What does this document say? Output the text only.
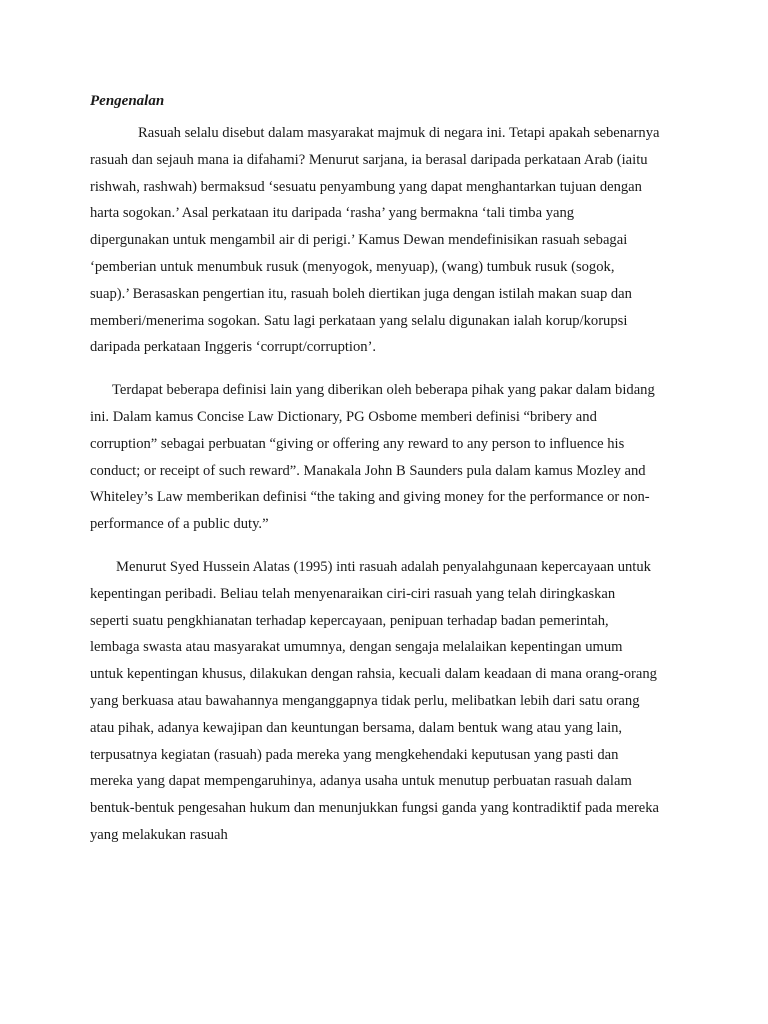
Pengenalan
Rasuah selalu disebut dalam masyarakat majmuk di negara ini. Tetapi apakah sebenarnya
rasuah dan sejauh mana ia difahami? Menurut sarjana, ia berasal daripada perkataan Arab (iaitu
rishwah, rashwah) bermaksud ‘sesuatu penyambung yang dapat menghantarkan tujuan dengan
harta sogokan.’ Asal perkataan itu daripada ‘rasha’ yang bermakna ‘tali timba yang
dipergunakan untuk mengambil air di perigi.’ Kamus Dewan mendefinisikan rasuah sebagai
‘pemberian untuk menumbuk rusuk (menyogok, menyuap), (wang) tumbuk rusuk (sogok,
suap).’ Berasaskan pengertian itu, rasuah boleh diertikan juga dengan istilah makan suap dan
memberi/menerima sogokan. Satu lagi perkataan yang selalu digunakan ialah korup/korupsi
daripada perkataan Inggeris ‘corrupt/corruption’.
Terdapat beberapa definisi lain yang diberikan oleh beberapa pihak yang pakar dalam bidang
ini. Dalam kamus Concise Law Dictionary, PG Osbome memberi definisi “bribery and
corruption” sebagai perbuatan “giving or offering any reward to any person to influence his
conduct; or receipt of such reward”. Manakala John B Saunders pula dalam kamus Mozley and
Whiteley’s Law memberikan definisi “the taking and giving money for the performance or non-
performance of a public duty.”
Menurut Syed Hussein Alatas (1995) inti rasuah adalah penyalahgunaan kepercayaan untuk
kepentingan peribadi. Beliau telah menyenaraikan ciri-ciri rasuah yang telah diringkaskan
seperti suatu pengkhianatan terhadap kepercayaan, penipuan terhadap badan pemerintah,
lembaga swasta atau masyarakat umumnya, dengan sengaja melalaikan kepentingan umum
untuk kepentingan khusus, dilakukan dengan rahsia, kecuali dalam keadaan di mana orang-orang
yang berkuasa atau bawahannya menganggapnya tidak perlu, melibatkan lebih dari satu orang
atau pihak, adanya kewajipan dan keuntungan bersama, dalam bentuk wang atau yang lain,
terpusatnya kegiatan (rasuah) pada mereka yang mengkehendaki keputusan yang pasti dan
mereka yang dapat mempengaruhinya, adanya usaha untuk menutup perbuatan rasuah dalam
bentuk-bentuk pengesahan hukum dan menunjukkan fungsi ganda yang kontradiktif pada mereka
yang melakukan rasuah
